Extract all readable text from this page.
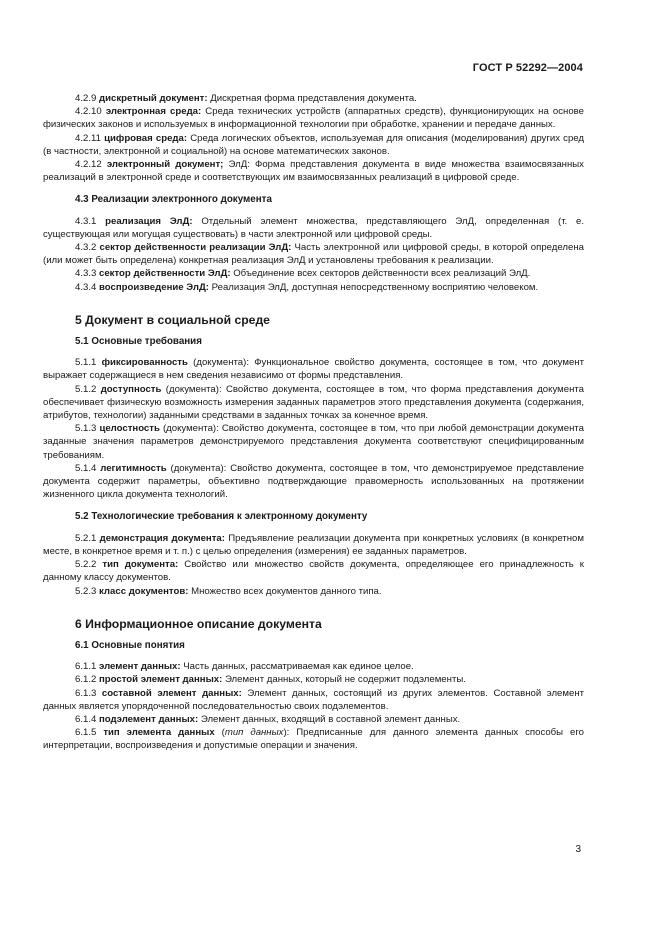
ГОСТ Р 52292—2004

4.2.9 дискретный документ: Дискретная форма представления документа.

4.2.10 электронная среда: Среда технических устройств (аппаратных средств), функционирующих на основе физических законов и используемых в информационной технологии при обработке, хранении и передаче данных.

4.2.11 цифровая среда: Среда логических объектов, используемая для описания (моделирования) других сред (в частности, электронной и социальной) на основе математических законов.

4.2.12 электронный документ; ЭлД: Форма представления документа в виде множества взаимосвязанных реализаций в электронной среде и соответствующих им взаимосвязанных реализаций в цифровой среде.

4.3 Реализации электронного документа

4.3.1 реализация ЭлД: Отдельный элемент множества, представляющего ЭлД, определенная (т. е. существующая или могущая существовать) в части электронной или цифровой среды.

4.3.2 сектор действенности реализации ЭлД: Часть электронной или цифровой среды, в которой определена (или может быть определена) конкретная реализация ЭлД и установлены требования к реализации.

4.3.3 сектор действенности ЭлД: Объединение всех секторов действенности всех реализаций ЭлД.

4.3.4 воспроизведение ЭлД: Реализация ЭлД, доступная непосредственному восприятию человеком.

5 Документ в социальной среде

5.1 Основные требования

5.1.1 фиксированность (документа): Функциональное свойство документа, состоящее в том, что документ выражает содержащиеся в нем сведения независимо от формы представления.

5.1.2 доступность (документа): Свойство документа, состоящее в том, что форма представления документа обеспечивает физическую возможность измерения заданных параметров этого представления документа (содержания, атрибутов, технологии) заданными средствами в заданных точках за конечное время.

5.1.3 целостность (документа): Свойство документа, состоящее в том, что при любой демонстрации документа заданные значения параметров демонстрируемого представления документа соответствуют специфицированным требованиям.

5.1.4 легитимность (документа): Свойство документа, состоящее в том, что демонстрируемое представление документа содержит параметры, объективно подтверждающие правомерность использованных на протяжении жизненного цикла документа технологий.

5.2 Технологические требования к электронному документу

5.2.1 демонстрация документа: Предъявление реализации документа при конкретных условиях (в конкретном месте, в конкретное время и т. п.) с целью определения (измерения) ее заданных параметров.

5.2.2 тип документа: Свойство или множество свойств документа, определяющее его принадлежность к данному классу документов.

5.2.3 класс документов: Множество всех документов данного типа.

6 Информационное описание документа

6.1 Основные понятия

6.1.1 элемент данных: Часть данных, рассматриваемая как единое целое.

6.1.2 простой элемент данных: Элемент данных, который не содержит подэлементы.

6.1.3 составной элемент данных: Элемент данных, состоящий из других элементов. Составной элемент данных является упорядоченной последовательностью своих подэлементов.

6.1.4 подэлемент данных: Элемент данных, входящий в составной элемент данных.

6.1.5 тип элемента данных (тип данных): Предписанные для данного элемента данных способы его интерпретации, воспроизведения и допустимые операции и значения.

3
